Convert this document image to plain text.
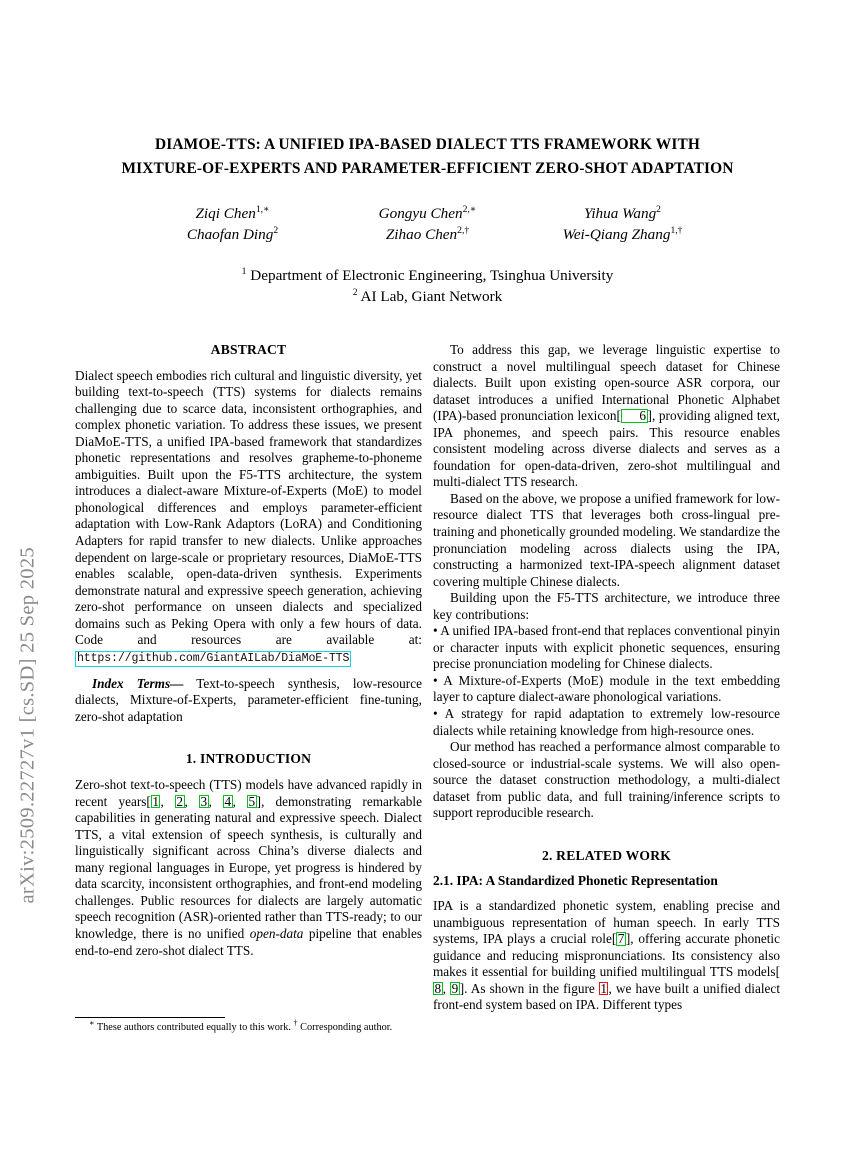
arXiv:2509.22727v1 [cs.SD] 25 Sep 2025
DIAMOE-TTS: A UNIFIED IPA-BASED DIALECT TTS FRAMEWORK WITH
MIXTURE-OF-EXPERTS AND PARAMETER-EFFICIENT ZERO-SHOT ADAPTATION
Ziqi Chen$^{1,∗}$	Gongyu Chen$^{2,∗}$	Yihua Wang$^2$
Chaofan Ding$^2$	Zihao Chen$^{2,\dagger}$	Wei-Qiang Zhang$^{1,\dagger}$
$^1$ Department of Electronic Engineering, Tsinghua University
$^2$ AI Lab, Giant Network
ABSTRACT

Dialect speech embodies rich cultural and linguistic diversity, yet building text-to-speech (TTS) systems for dialects remains challenging due to scarce data, inconsistent orthographies, and complex phonetic variation. To address these issues, we present DiaMoE-TTS, a unified IPA-based framework that standardizes phonetic representations and resolves grapheme-to-phoneme ambiguities. Built upon the F5-TTS architecture, the system introduces a dialect-aware Mixture-of-Experts (MoE) to model phonological differences and employs parameter-efficient adaptation with Low-Rank Adaptors (LoRA) and Conditioning Adapters for rapid transfer to new dialects. Unlike approaches dependent on large-scale or proprietary resources, DiaMoE-TTS enables scalable, open-data-driven synthesis. Experiments demonstrate natural and expressive speech generation, achieving zero-shot performance on unseen dialects and specialized domains such as Peking Opera with only a few hours of data. Code and resources are available at: https://github.com/GiantAILab/DiaMoE-TTS

Index Terms— Text-to-speech synthesis, low-resource dialects, Mixture-of-Experts, parameter-efficient fine-tuning, zero-shot adaptation

1. INTRODUCTION

Zero-shot text-to-speech (TTS) models have advanced rapidly in recent years[ 1 , 2 , 3 , 4 , 5 ], demonstrating remarkable capabilities in generating natural and expressive speech. Dialect TTS, a vital extension of speech synthesis, is culturally and linguistically significant across China’s diverse dialects and many regional languages in Europe, yet progress is hindered by data scarcity, inconsistent orthographies, and front-end modeling challenges. Public resources for dialects are largely automatic speech recognition (ASR)-oriented rather than TTS-ready; to our knowledge, there is no unified open-data pipeline that enables end-to-end zero-shot dialect TTS.

To address this gap, we leverage linguistic expertise to construct a novel multilingual speech dataset for Chinese dialects. Built upon existing open-source ASR corpora, our dataset introduces a unified International Phonetic Alphabet (IPA)-based pronunciation lexicon[ 6 ], providing aligned text, IPA phonemes, and speech pairs. This resource enables consistent modeling across diverse dialects and serves as a foundation for open-data-driven, zero-shot multilingual and multi-dialect TTS research.

Based on the above, we propose a unified framework for low-resource dialect TTS that leverages both cross-lingual pre-training and phonetically grounded modeling. We standardize the pronunciation modeling across dialects using the IPA, constructing a harmonized text-IPA-speech alignment dataset covering multiple Chinese dialects.

Building upon the F5-TTS architecture, we introduce three key contributions:

• A unified IPA-based front-end that replaces conventional pinyin or character inputs with explicit phonetic sequences, ensuring precise pronunciation modeling for Chinese dialects.

• A Mixture-of-Experts (MoE) module in the text embedding layer to capture dialect-aware phonological variations.

• A strategy for rapid adaptation to extremely low-resource dialects while retaining knowledge from high-resource ones.

Our method has reached a performance almost comparable to closed-source or industrial-scale systems. We will also open-source the dataset construction methodology, a multi-dialect dataset from public data, and full training/inference scripts to support reproducible research.

2. RELATED WORK
2.1. IPA: A Standardized Phonetic Representation

IPA is a standardized phonetic system, enabling precise and unambiguous representation of human speech. In early TTS systems, IPA plays a crucial role[ 7 ], offering accurate phonetic guidance and reducing mispronunciations. Its consistency also makes it essential for building unified multilingual TTS models[8 , 9 ]. As shown in the figure 1 , we have built a unified dialect front-end system based on IPA. Different types

∗ These authors contributed equally to this work. † Corresponding author.
